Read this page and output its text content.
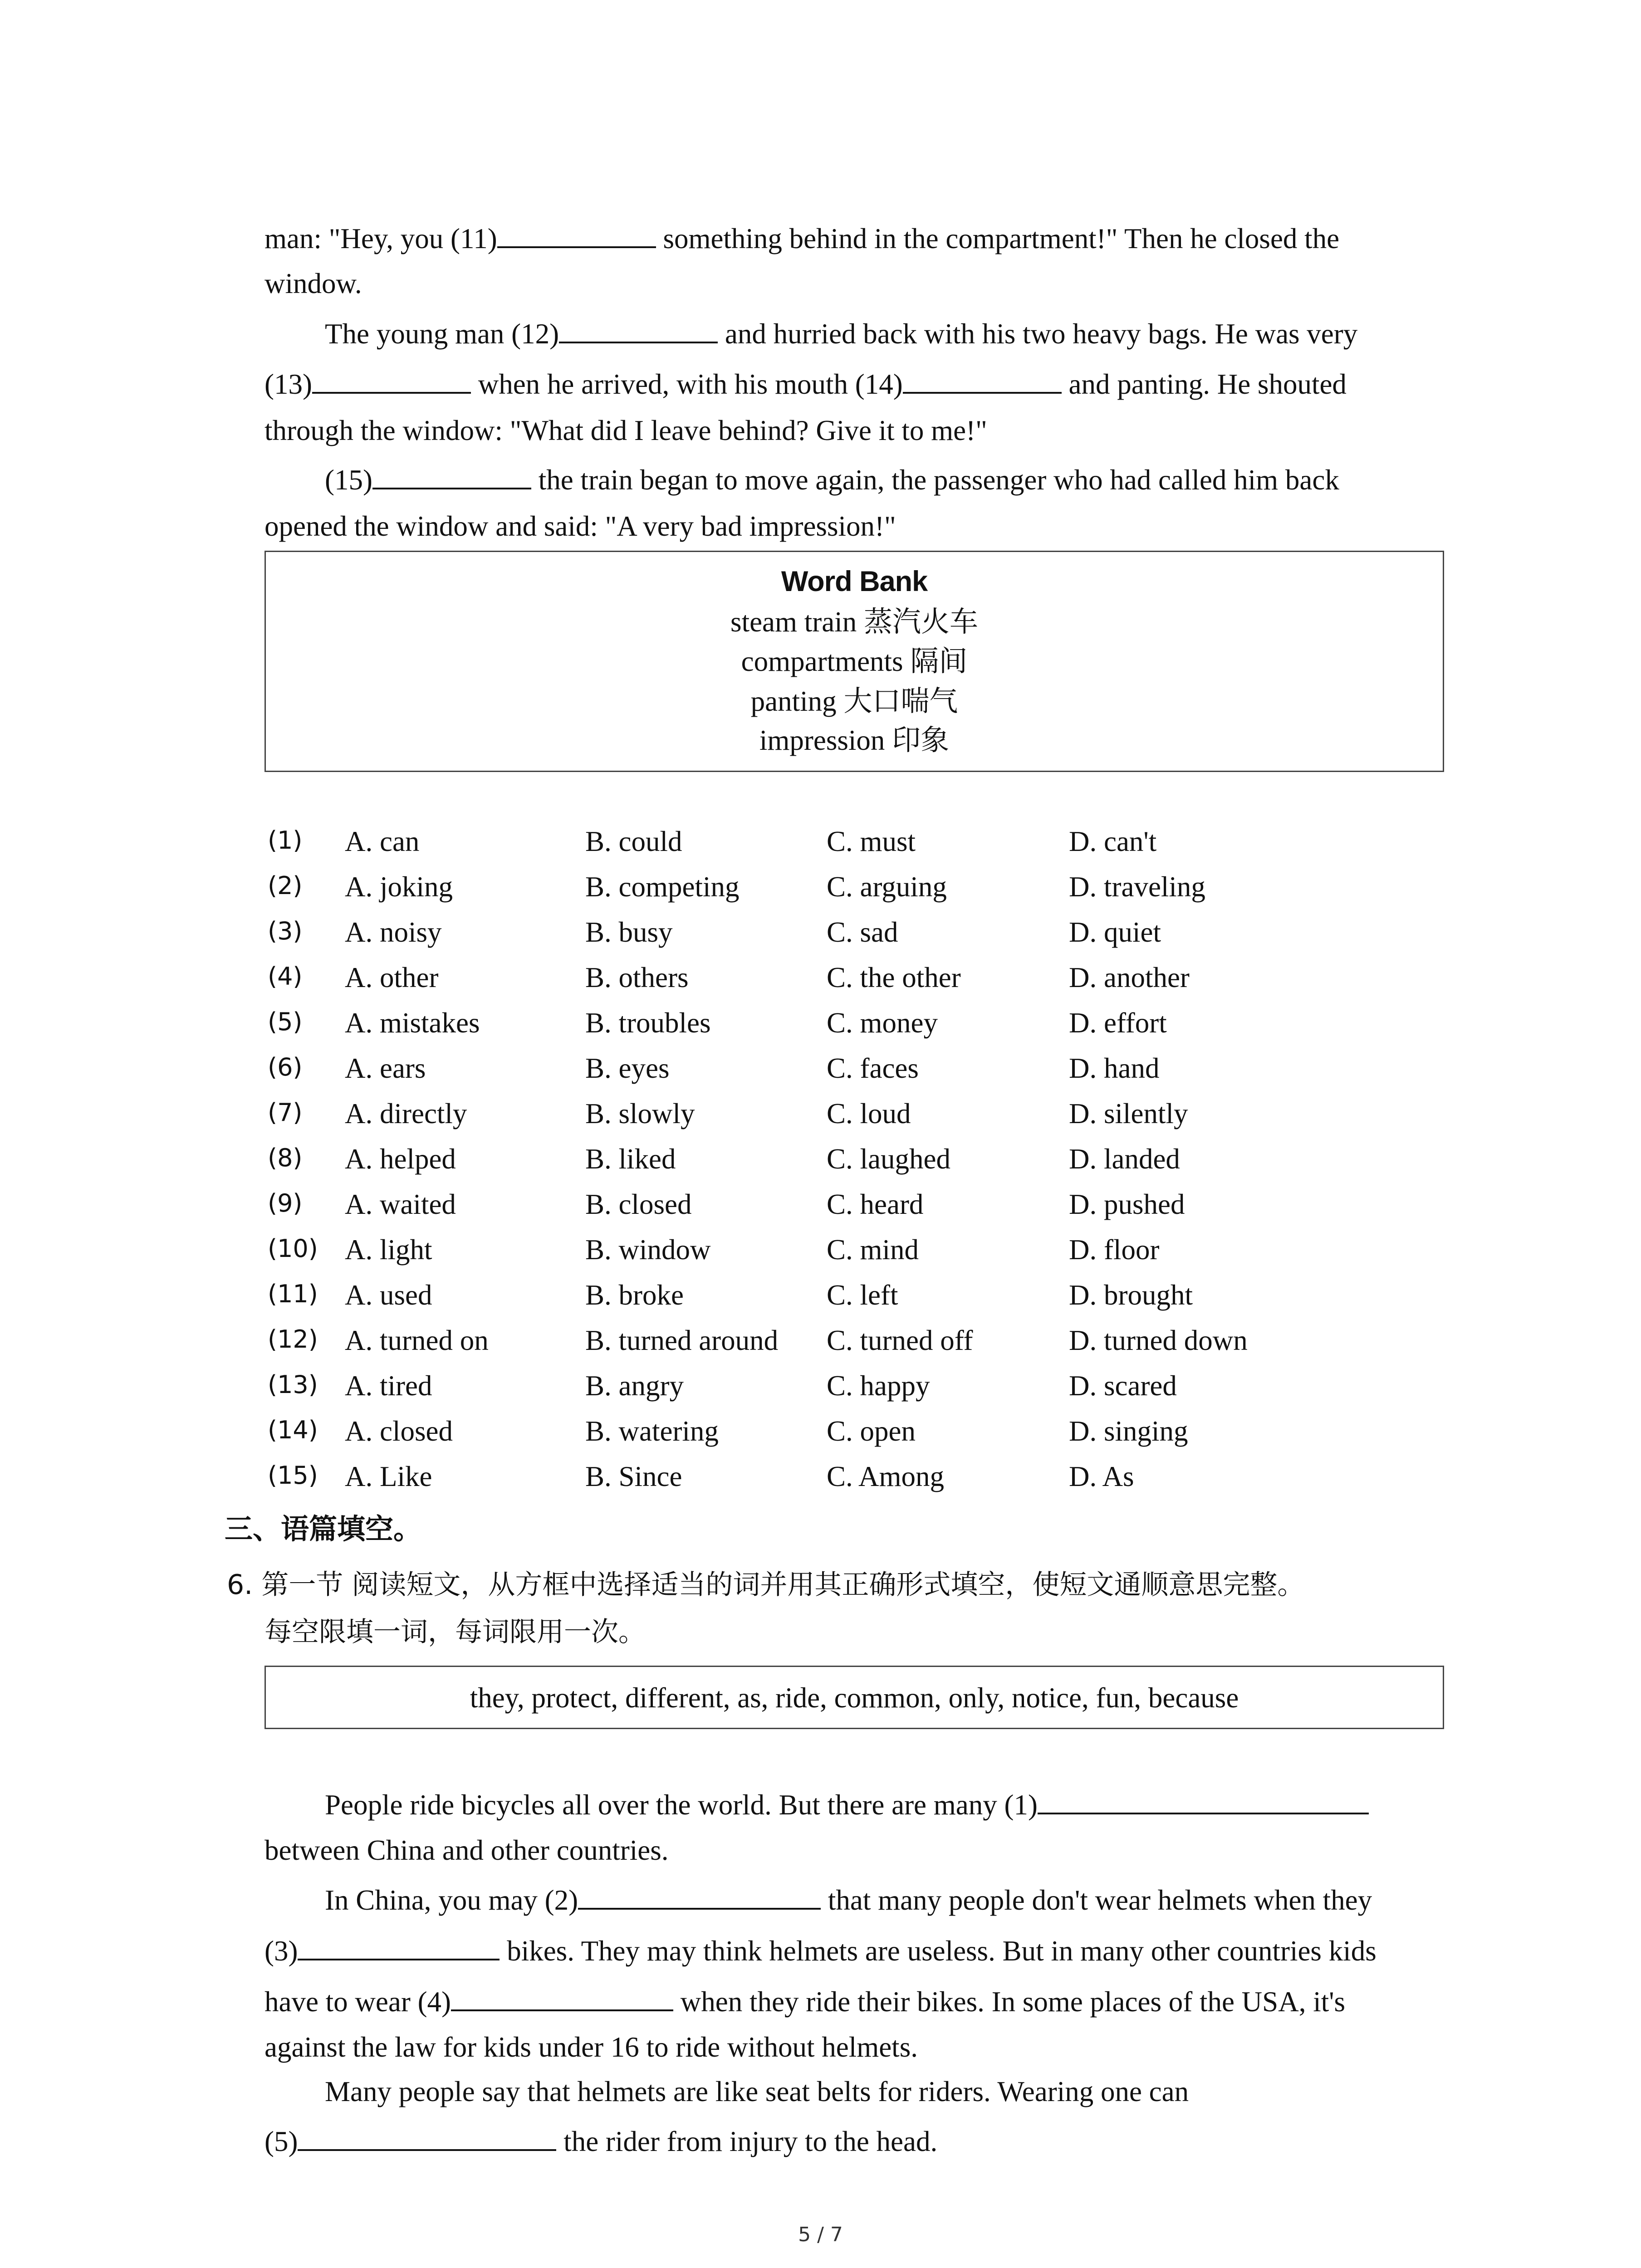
man: "Hey, you (11)	something behind in the compartment!" Then he closed the
window.
The young man (12)	and hurried back with his two heavy bags. He was very
(13)	when he arrived, with his mouth (14)	and panting. He shouted
through the window: "What did I leave behind? Give it to me!"
(15)	the train began to move again, the passenger who had called him back
opened the window and said: "A very bad impression!"
Word Bank
steam train 蒸汽火车
compartments 隔间
panting 大口喘气
impression 印象
(1) A. can	B. could	C. must	D. can't
(2) A. joking	B. competing	C. arguing	D. traveling
(3) A. noisy	B. busy	C. sad	D. quiet
(4) A. other	B. others	C. the other	D. another
(5) A. mistakes	B. troubles	C. money	D. effort
(6) A. ears	B. eyes	C. faces	D. hand
(7) A. directly	B. slowly	C. loud	D. silently
(8) A. helped	B. liked	C. laughed	D. landed
(9) A. waited	B. closed	C. heard	D. pushed
(10) A. light	B. window	C. mind	D. floor
(11) A. used	B. broke	C. left	D. brought
(12) A. turned on	B. turned around C. turned off	D. turned down
(13) A. tired	B. angry	C. happy	D. scared
(14) A. closed	B. watering	C. open	D. singing
(15) A. Like	B. Since	C. Among	D. As
三、语篇填空。
6. 第一节 阅读短文，从方框中选择适当的词并用其正确形式填空，使短文通顺意思完整。
每空限填一词，每词限用一次。
they, protect, different, as, ride, common, only, notice, fun, because
People ride bicycles all over the world. But there are many (1)
between China and other countries.
In China, you may (2)	that many people don't wear helmets when they
(3)	bikes. They may think helmets are useless. But in many other countries kids
have to wear (4)	when they ride their bikes. In some places of the USA, it's
against the law for kids under 16 to ride without helmets.
Many people say that helmets are like seat belts for riders. Wearing one can
(5)	the rider from injury to the head.
5 / 7
